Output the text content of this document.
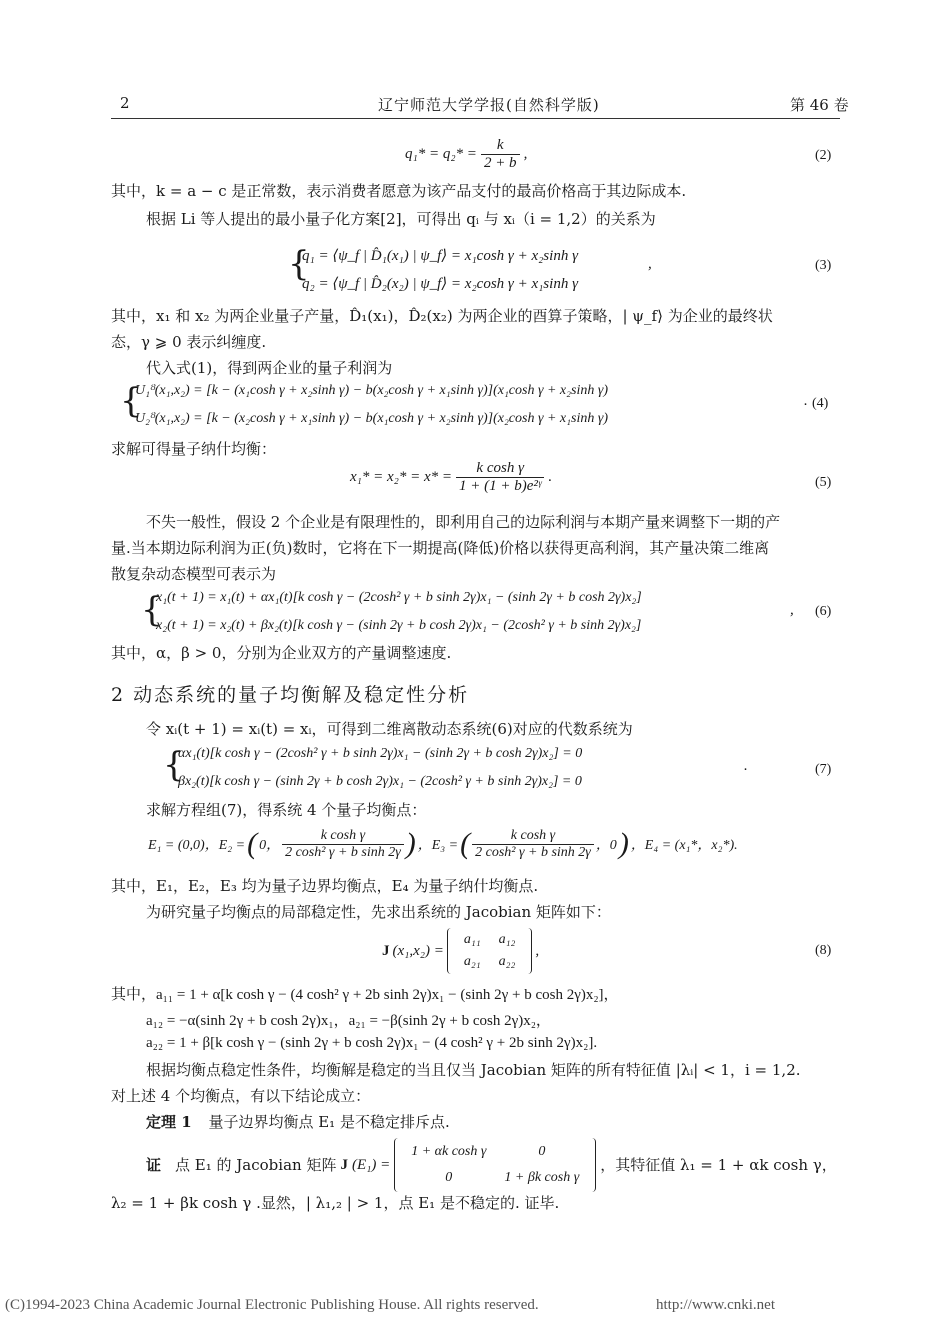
2	辽宁师范大学学报(自然科学版)	第 46 卷
$q_1* = q_2* = \frac{k}{2 + b}$ ,	(2)
其中，k = a − c 是正常数，表示消费者愿意为该产品支付的最高价格高于其边际成本.
根据 Li 等人提出的最小量子化方案[2]，可得出 qᵢ 与 xᵢ（i = 1,2）的关系为
{
q₁ = ⟨ψ_f | D̂₁(x₁) | ψ_f⟩ = x₁cosh γ + x₂sinh γ
q₂ = ⟨ψ_f | D̂₂(x₂) | ψ_f⟩ = x₂cosh γ + x₁sinh γ
,	(3)
其中，x₁ 和 x₂ 为两企业量子产量，D̂₁(x₁)，D̂₂(x₂) 为两企业的酉算子策略，| ψ_f⟩ 为企业的最终状
态，γ ⩾ 0 表示纠缠度.
代入式(1)，得到两企业的量子利润为
{
U₁ᴽ(x₁,x₂) = [k − (x₁cosh γ + x₂sinh γ) − b(x₂cosh γ + x₁sinh γ)](x₁cosh γ + x₂sinh γ)
U₂ᴽ(x₁,x₂) = [k − (x₂cosh γ + x₁sinh γ) − b(x₁cosh γ + x₂sinh γ)](x₂cosh γ + x₁sinh γ)
. (4)
求解可得量子纳什均衡：
$x_1* = x_2* = x* = \frac{\text{k cosh γ}}{\text{1 + (1 + b)e²ᵞ}}$ .	(5)
不失一般性，假设 2 个企业是有限理性的，即利用自己的边际利润与本期产量来调整下一期的产
量.当本期边际利润为正(负)数时，它将在下一期提高(降低)价格以获得更高利润，其产量决策二维离
散复杂动态模型可表示为
{
x₁(t + 1) = x₁(t) + αx₁(t)[k cosh γ − (2cosh² γ + b sinh 2γ)x₁ − (sinh 2γ + b cosh 2γ)x₂]
x₂(t + 1) = x₂(t) + βx₂(t)[k cosh γ − (sinh 2γ + b cosh 2γ)x₁ − (2cosh² γ + b sinh 2γ)x₂]
, (6)
其中，α，β > 0，分别为企业双方的产量调整速度.
2 动态系统的量子均衡解及稳定性分析
令 xᵢ(t + 1) = xᵢ(t) = xᵢ，可得到二维离散动态系统(6)对应的代数系统为
{
αx₁(t)[k cosh γ − (2cosh² γ + b sinh 2γ)x₁ − (sinh 2γ + b cosh 2γ)x₂] = 0
βx₂(t)[k cosh γ − (sinh 2γ + b cosh 2γ)x₁ − (2cosh² γ + b sinh 2γ)x₂] = 0
.	(7)
求解方程组(7)，得系统 4 个量子均衡点：
E₁ = (0,0)，E₂ = ( 0， $\frac{\text{k cosh γ}}{\text{2 cosh² γ + b sinh 2γ}}$ ) ，E₃ = ( $\frac{\text{k cosh γ}}{\text{2 cosh² γ + b sinh 2γ}}$ ，0 ) ，E₄ = (x₁*，x₂*).
其中，E₁，E₂，E₃ 均为量子边界均衡点，E₄ 为量子纳什均衡点.
为研究量子均衡点的局部稳定性，先求出系统的 Jacobian 矩阵如下：
J (x₁,x₂) =
a₁₁	a₁₂
a₂₁	a₂₂
,	(8)
其中，a₁₁ = 1 + α[k cosh γ − (4 cosh² γ + 2b sinh 2γ)x₁ − (sinh 2γ + b cosh 2γ)x₂]，
a₁₂ = −α(sinh 2γ + b cosh 2γ)x₁，a₂₁ = −β(sinh 2γ + b cosh 2γ)x₂，
a₂₂ = 1 + β[k cosh γ − (sinh 2γ + b cosh 2γ)x₁ − (4 cosh² γ + 2b sinh 2γ)x₂].
根据均衡点稳定性条件，均衡解是稳定的当且仅当 Jacobian 矩阵的所有特征值 |λᵢ| < 1，i = 1,2.
对上述 4 个均衡点，有以下结论成立：
定理 1 量子边界均衡点 E₁ 是不稳定排斥点.
证 点 E₁ 的 Jacobian 矩阵 J (E₁) =
1 + αk cosh γ	0
0	1 + βk cosh γ
，其特征值 λ₁ = 1 + αk cosh γ，
λ₂ = 1 + βk cosh γ .显然，| λ₁,₂ | > 1，点 E₁ 是不稳定的. 证毕.
(C)1994-2023 China Academic Journal Electronic Publishing House. All rights reserved.	http://www.cnki.net
